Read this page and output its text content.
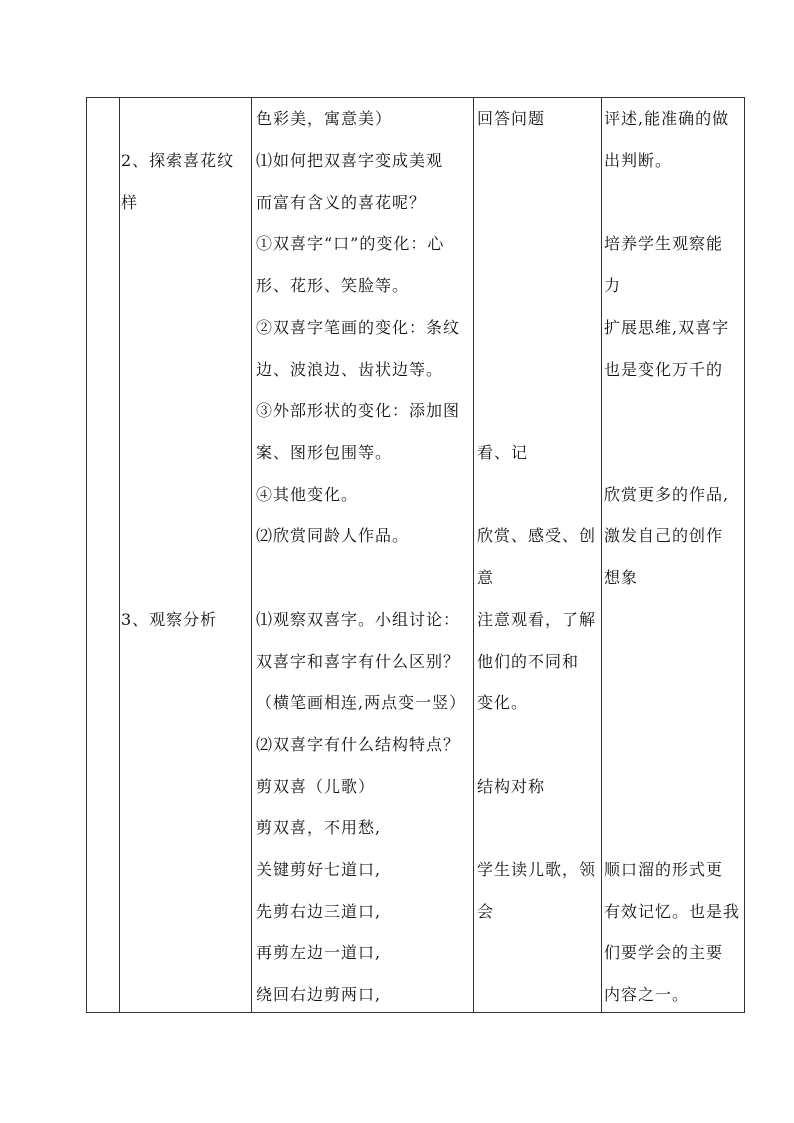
2、探索喜花纹
样
3、观察分析
色彩美，寓意美）
⑴如何把双喜字变成美观
而富有含义的喜花呢？
①双喜字“口”的变化：心
形、花形、笑脸等。
②双喜字笔画的变化：条纹
边、波浪边、齿状边等。
③外部形状的变化：添加图
案、图形包围等。
④其他变化。
⑵欣赏同龄人作品。
⑴观察双喜字。小组讨论：
双喜字和喜字有什么区别？
（横笔画相连,两点变一竖）
⑵双喜字有什么结构特点？
剪双喜（儿歌）
剪双喜，不用愁,
关键剪好七道口,
先剪右边三道口,
再剪左边一道口,
绕回右边剪两口,
回答问题
看、记
欣赏、感受、创
意
注意观看，了解
他们的不同和
变化。
结构对称
学生读儿歌，领
会
评述,能准确的做
出判断。
培养学生观察能
力
扩展思维,双喜字
也是变化万千的
欣赏更多的作品,
激发自己的创作
想象
顺口溜的形式更
有效记忆。也是我
们要学会的主要
内容之一。
